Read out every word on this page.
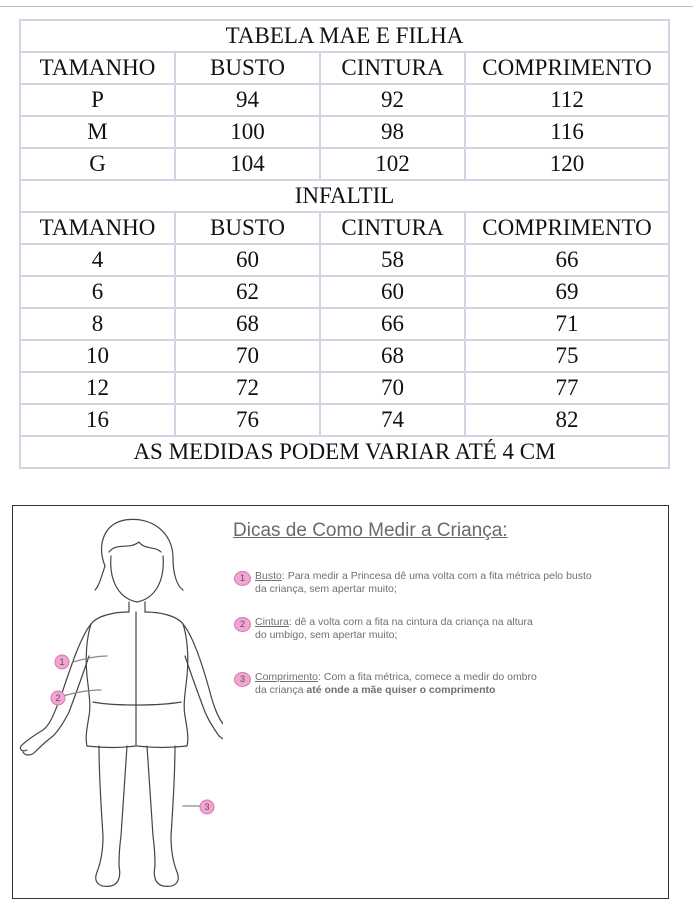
TABELA MAE E FILHA			
TAMANHO	BUSTO	CINTURA	COMPRIMENTO
P	94	92	112
M	100	98	116
G	104	102	120
INFALTIL			
TAMANHO	BUSTO	CINTURA	COMPRIMENTO
4	60	58	66
6	62	60	69
8	68	66	71
10	70	68	75
12	72	70	77
16	76	74	82
AS MEDIDAS PODEM VARIAR ATÉ 4 CM			
1
2
3
Dicas de Como Medir a Criança:
1 Busto: Para medir a Princesa dê uma volta com a fita métrica pelo busto
da criança, sem apertar muito;
2 Cintura: dê a volta com a fita na cintura da criança na altura
do umbigo, sem apertar muito;
3 Comprimento: Com a fita métrica, comece a medir do ombro
da criança até onde a mãe quiser o comprimento
